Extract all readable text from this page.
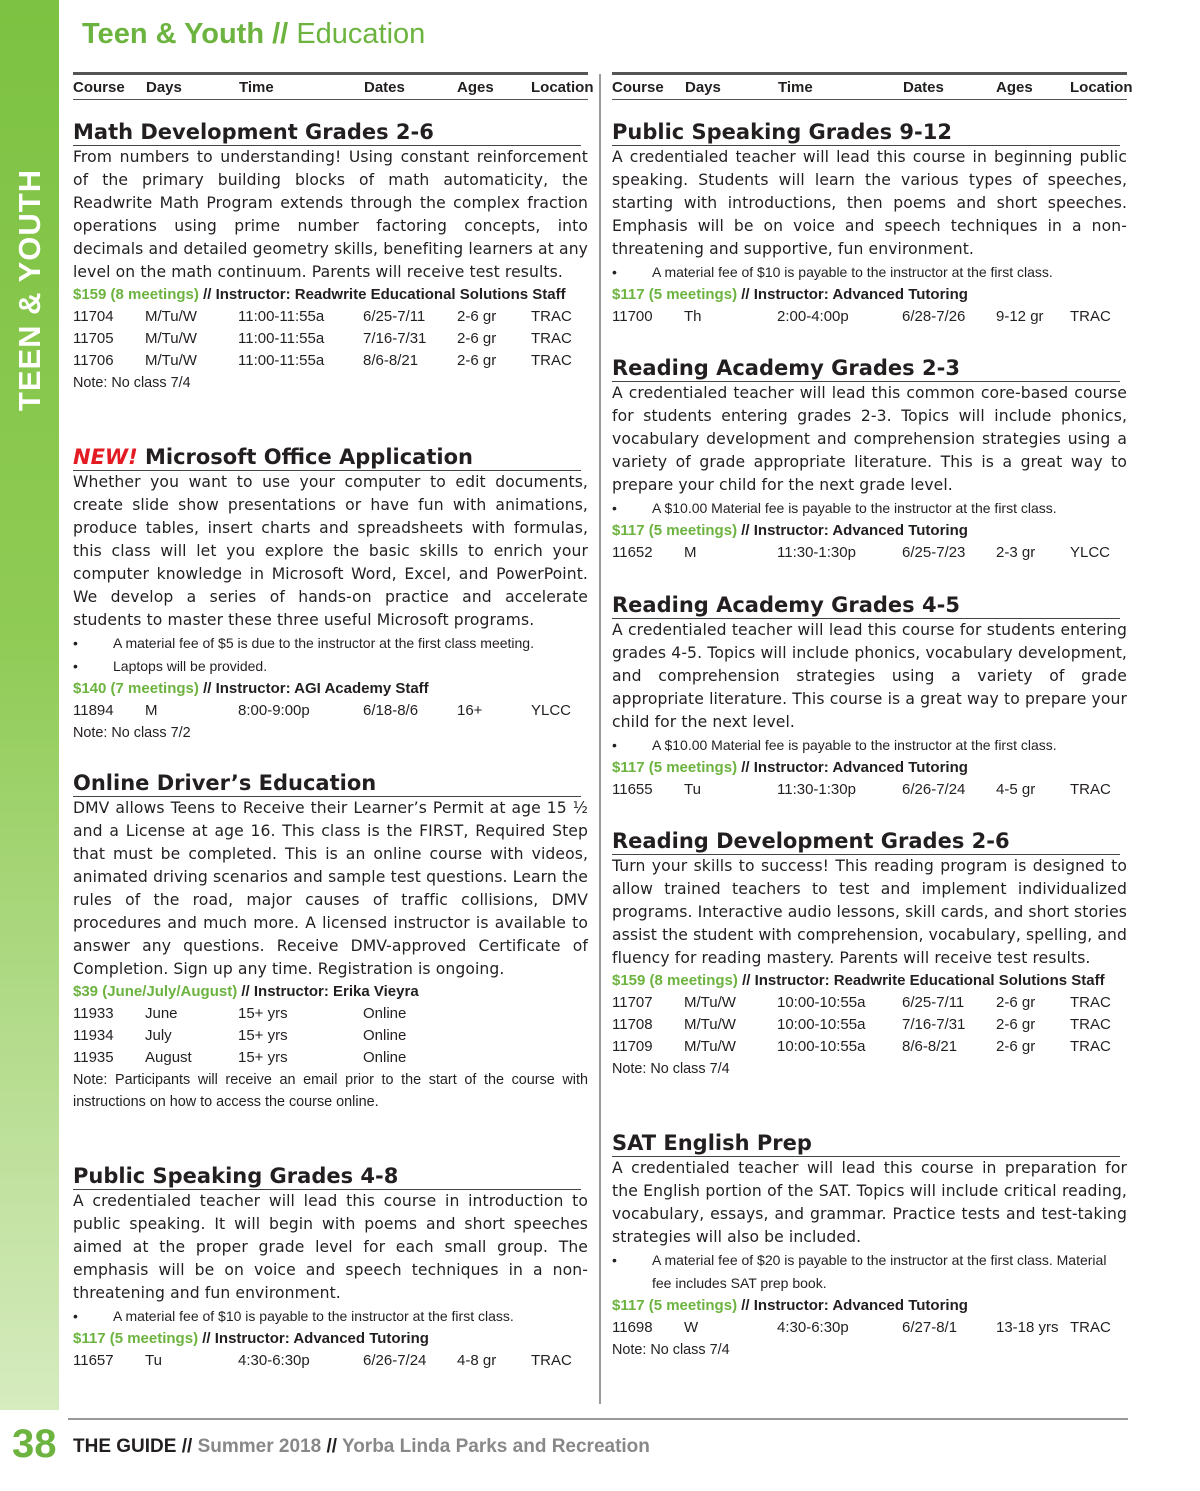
TEEN & YOUTH
Teen & Youth // Education
Course Days	Time	Dates	Ages Location
Math Development Grades 2-6
From numbers to understanding! Using constant reinforcement of the primary building blocks of math automaticity, the Readwrite Math Program extends through the complex fraction operations using prime number factoring concepts, into decimals and detailed geometry skills, benefiting learners at any level on the math continuum. Parents will receive test results.
$159 (8 meetings) // Instructor: Readwrite Educational Solutions Staff
11704 M/Tu/W	11:00-11:55a	6/25-7/11 2-6 gr TRAC
11705 M/Tu/W	11:00-11:55a	7/16-7/31 2-6 gr TRAC
11706 M/Tu/W	11:00-11:55a	8/6-8/21	2-6 gr TRAC
Note: No class 7/4
NEW! Microsoft Office Application
Whether you want to use your computer to edit documents, create slide show presentations or have fun with animations, produce tables, insert charts and spreadsheets with formulas, this class will let you explore the basic skills to enrich your computer knowledge in Microsoft Word, Excel, and PowerPoint. We develop a series of hands-on practice and accelerate students to master these three useful Microsoft programs.
• A material fee of $5 is due to the instructor at the first class meeting.
• Laptops will be provided.
$140 (7 meetings) // Instructor: AGI Academy Staff
11894 M	8:00-9:00p	6/18-8/6	16+	YLCC
Note: No class 7/2
Online Driver’s Education
DMV allows Teens to Receive their Learner’s Permit at age 15 ½ and a License at age 16. This class is the FIRST, Required Step that must be completed. This is an online course with videos, animated driving scenarios and sample test questions. Learn the rules of the road, major causes of traffic collisions, DMV procedures and much more. A licensed instructor is available to answer any questions. Receive DMV-approved Certificate of Completion. Sign up any time. Registration is ongoing.
$39 (June/July/August) // Instructor: Erika Vieyra
11933 June	15+ yrs	Online
11934 July	15+ yrs	Online
11935 August	15+ yrs	Online
Note: Participants will receive an email prior to the start of the course with instructions on how to access the course online.
Public Speaking Grades 4-8
A credentialed teacher will lead this course in introduction to public speaking. It will begin with poems and short speeches aimed at the proper grade level for each small group. The emphasis will be on voice and speech techniques in a non-threatening and fun environment.
• A material fee of $10 is payable to the instructor at the first class.
$117 (5 meetings) // Instructor: Advanced Tutoring
11657 Tu	4:30-6:30p	6/26-7/24 4-8 gr TRAC
Course Days	Time	Dates	Ages Location
Public Speaking Grades 9-12
A credentialed teacher will lead this course in beginning public speaking. Students will learn the various types of speeches, starting with introductions, then poems and short speeches. Emphasis will be on voice and speech techniques in a non-threatening and supportive, fun environment.
• A material fee of $10 is payable to the instructor at the first class.
$117 (5 meetings) // Instructor: Advanced Tutoring
11700 Th	2:00-4:00p	6/28-7/26 9-12 gr TRAC
Reading Academy Grades 2-3
A credentialed teacher will lead this common core-based course for students entering grades 2-3. Topics will include phonics, vocabulary development and comprehension strategies using a variety of grade appropriate literature. This is a great way to prepare your child for the next grade level.
• A $10.00 Material fee is payable to the instructor at the first class.
$117 (5 meetings) // Instructor: Advanced Tutoring
11652 M	11:30-1:30p	6/25-7/23 2-3 gr YLCC
Reading Academy Grades 4-5
A credentialed teacher will lead this course for students entering grades 4-5. Topics will include phonics, vocabulary development, and comprehension strategies using a variety of grade appropriate literature. This course is a great way to prepare your child for the next level.
• A $10.00 Material fee is payable to the instructor at the first class.
$117 (5 meetings) // Instructor: Advanced Tutoring
11655 Tu	11:30-1:30p	6/26-7/24 4-5 gr TRAC
Reading Development Grades 2-6
Turn your skills to success! This reading program is designed to allow trained teachers to test and implement individualized programs. Interactive audio lessons, skill cards, and short stories assist the student with comprehension, vocabulary, spelling, and fluency for reading mastery. Parents will receive test results.
$159 (8 meetings) // Instructor: Readwrite Educational Solutions Staff
11707 M/Tu/W	10:00-10:55a 6/25-7/11 2-6 gr TRAC
11708 M/Tu/W	10:00-10:55a 7/16-7/31 2-6 gr TRAC
11709 M/Tu/W	10:00-10:55a 8/6-8/21	2-6 gr TRAC
Note: No class 7/4
SAT English Prep
A credentialed teacher will lead this course in preparation for the English portion of the SAT. Topics will include critical reading, vocabulary, essays, and grammar. Practice tests and test-taking strategies will also be included.
• A material fee of $20 is payable to the instructor at the first class. Material fee includes SAT prep book.
$117 (5 meetings) // Instructor: Advanced Tutoring
11698 W	4:30-6:30p	6/27-8/1	13-18 yrs TRAC
Note: No class 7/4
38 THE GUIDE // Summer 2018 // Yorba Linda Parks and Recreation
